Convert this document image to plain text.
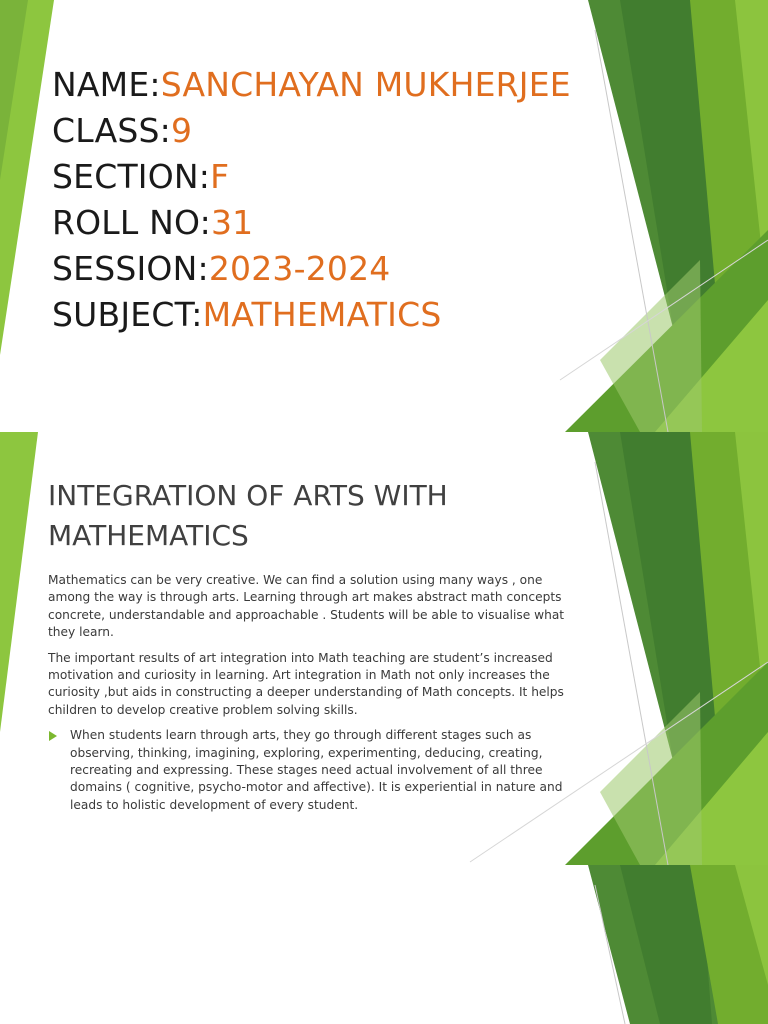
NAME:SANCHAYAN MUKHERJEE
CLASS:9
SECTION:F
ROLL NO:31
SESSION:2023-2024
SUBJECT:MATHEMATICS
INTEGRATION OF ARTS WITH
MATHEMATICS

Mathematics can be very creative. We can find a solution using many ways , one among the way is through arts. Learning through art makes abstract math concepts concrete, understandable and approachable . Students will be able to visualise what they learn.

The important results of art integration into Math teaching are student’s increased motivation and curiosity in learning. Art integration in Math not only increases the curiosity ,but aids in constructing a deeper understanding of Math concepts. It helps children to develop creative problem solving skills.

When students learn through arts, they go through different stages such as observing, thinking, imagining, exploring, experimenting, deducing, creating, recreating and expressing. These stages need actual involvement of all three domains ( cognitive, psycho-motor and affective). It is experiential in nature and leads to holistic development of every student.
